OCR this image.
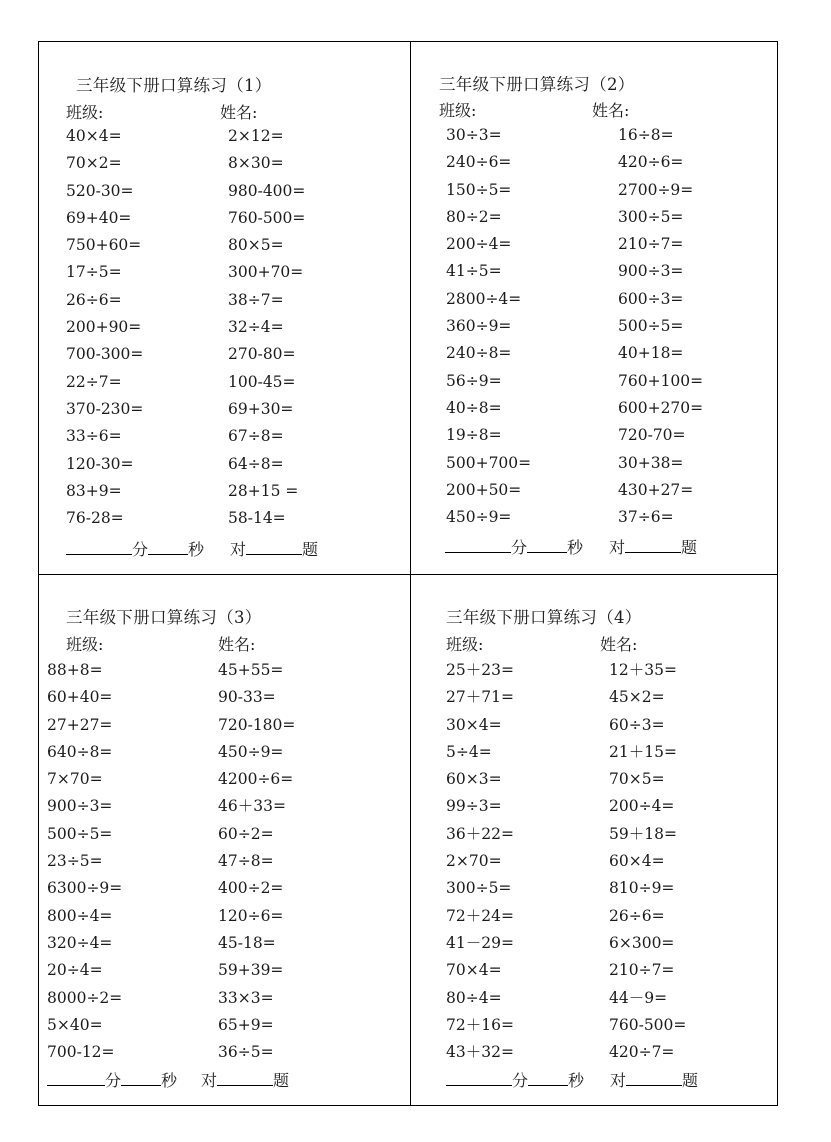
三年级下册口算练习（1）
班级:	姓名:
40×4=	2×12=
70×2=	8×30=
520-30=	980-400=
69+40=	760-500=
750+60=	80×5=
17÷5=	300+70=
26÷6=	38÷7=
200+90=	32÷4=
700-300=	270-80=
22÷7=	100-45=
370-230=	69+30=
33÷6=	67÷8=
120-30=	64÷8=
83+9=	28+15 =
76-28=	58-14=
分	秒 对	题
三年级下册口算练习（2）
班级:	姓名:
30÷3=	16÷8=
240÷6=	420÷6=
150÷5=	2700÷9=
80÷2=	300÷5=
200÷4=	210÷7=
41÷5=	900÷3=
2800÷4=	600÷3=
360÷9=	500÷5=
240÷8=	40+18=
56÷9=	760+100=
40÷8=	600+270=
19÷8=	720-70=
500+700=	30+38=
200+50=	430+27=
450÷9=	37÷6=
分	秒 对	题
三年级下册口算练习（3）
班级:	姓名:
88+8=	45+55=
60+40=	90-33=
27+27=	720-180=
640÷8=	450÷9=
7×70=	4200÷6=
900÷3=	46＋33=
500÷5=	60÷2=
23÷5=	47÷8=
6300÷9=	400÷2=
800÷4=	120÷6=
320÷4=	45-18=
20÷4=	59+39=
8000÷2=	33×3=
5×40=	65+9=
700-12=	36÷5=
分	秒 对	题
三年级下册口算练习（4）
班级:	姓名:
25＋23=	12＋35=
27＋71=	45×2=
30×4=	60÷3=
5÷4=	21＋15=
60×3=	70×5=
99÷3=	200÷4=
36＋22=	59＋18=
2×70=	60×4=
300÷5=	810÷9=
72＋24=	26÷6=
41－29=	6×300=
70×4=	210÷7=
80÷4=	44－9=
72＋16=	760-500=
43＋32=	420÷7=
分	秒 对	题
